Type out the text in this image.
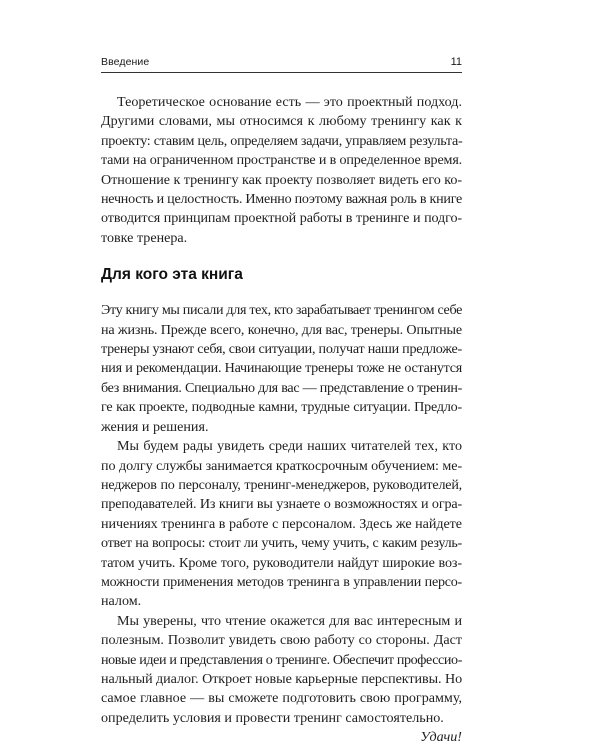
Введение	11
Теоретическое основание есть — это проектный подход.
Другими словами, мы относимся к любому тренингу как к
проекту: ставим цель, определяем задачи, управляем результа-
тами на ограниченном пространстве и в определенное время.
Отношение к тренингу как проекту позволяет видеть его ко-
нечность и целостность. Именно поэтому важная роль в книге
отводится принципам проектной работы в тренинге и подго-
товке тренера.
Для кого эта книга
Эту книгу мы писали для тех, кто зарабатывает тренингом себе
на жизнь. Прежде всего, конечно, для вас, тренеры. Опытные
тренеры узнают себя, свои ситуации, получат наши предложе-
ния и рекомендации. Начинающие тренеры тоже не останутся
без внимания. Специально для вас — представление о тренин-
ге как проекте, подводные камни, трудные ситуации. Предло-
жения и решения.
Мы будем рады увидеть среди наших читателей тех, кто
по долгу службы занимается краткосрочным обучением: ме-
неджеров по персоналу, тренинг-менеджеров, руководителей,
преподавателей. Из книги вы узнаете о возможностях и огра-
ничениях тренинга в работе с персоналом. Здесь же найдете
ответ на вопросы: стоит ли учить, чему учить, с каким резуль-
татом учить. Кроме того, руководители найдут широкие воз-
можности применения методов тренинга в управлении персо-
налом.
Мы уверены, что чтение окажется для вас интересным и
полезным. Позволит увидеть свою работу со стороны. Даст
новые идеи и представления о тренинге. Обеспечит профессио-
нальный диалог. Откроет новые карьерные перспективы. Но
самое главное — вы сможете подготовить свою программу,
определить условия и провести тренинг самостоятельно.
Удачи!
